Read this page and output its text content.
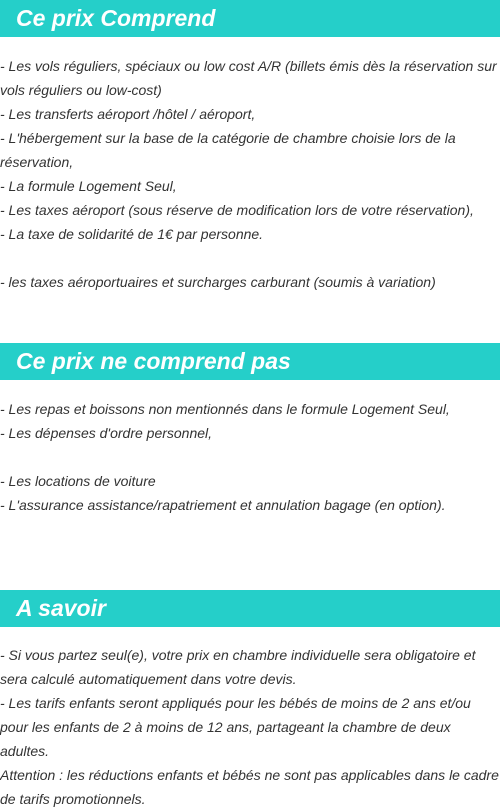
Ce prix Comprend
- Les vols réguliers, spéciaux ou low cost A/R (billets émis dès la réservation sur vols réguliers ou low-cost)
- Les transferts aéroport /hôtel / aéroport,
- L'hébergement sur la base de la catégorie de chambre choisie lors de la réservation,
- La formule Logement Seul,
- Les taxes aéroport (sous réserve de modification lors de votre réservation),
- La taxe de solidarité de 1€ par personne.
- les taxes aéroportuaires et surcharges carburant (soumis à variation)
Ce prix ne comprend pas
- Les repas et boissons non mentionnés dans le formule Logement Seul,
- Les dépenses d'ordre personnel,
- Les locations de voiture
- L'assurance assistance/rapatriement et annulation bagage (en option).
A savoir
- Si vous partez seul(e), votre prix en chambre individuelle sera obligatoire et sera calculé automatiquement dans votre devis.
- Les tarifs enfants seront appliqués pour les bébés de moins de 2 ans et/ou pour les enfants de 2 à moins de 12 ans, partageant la chambre de deux adultes.
Attention : les réductions enfants et bébés ne sont pas applicables dans le cadre de tarifs promotionnels.
